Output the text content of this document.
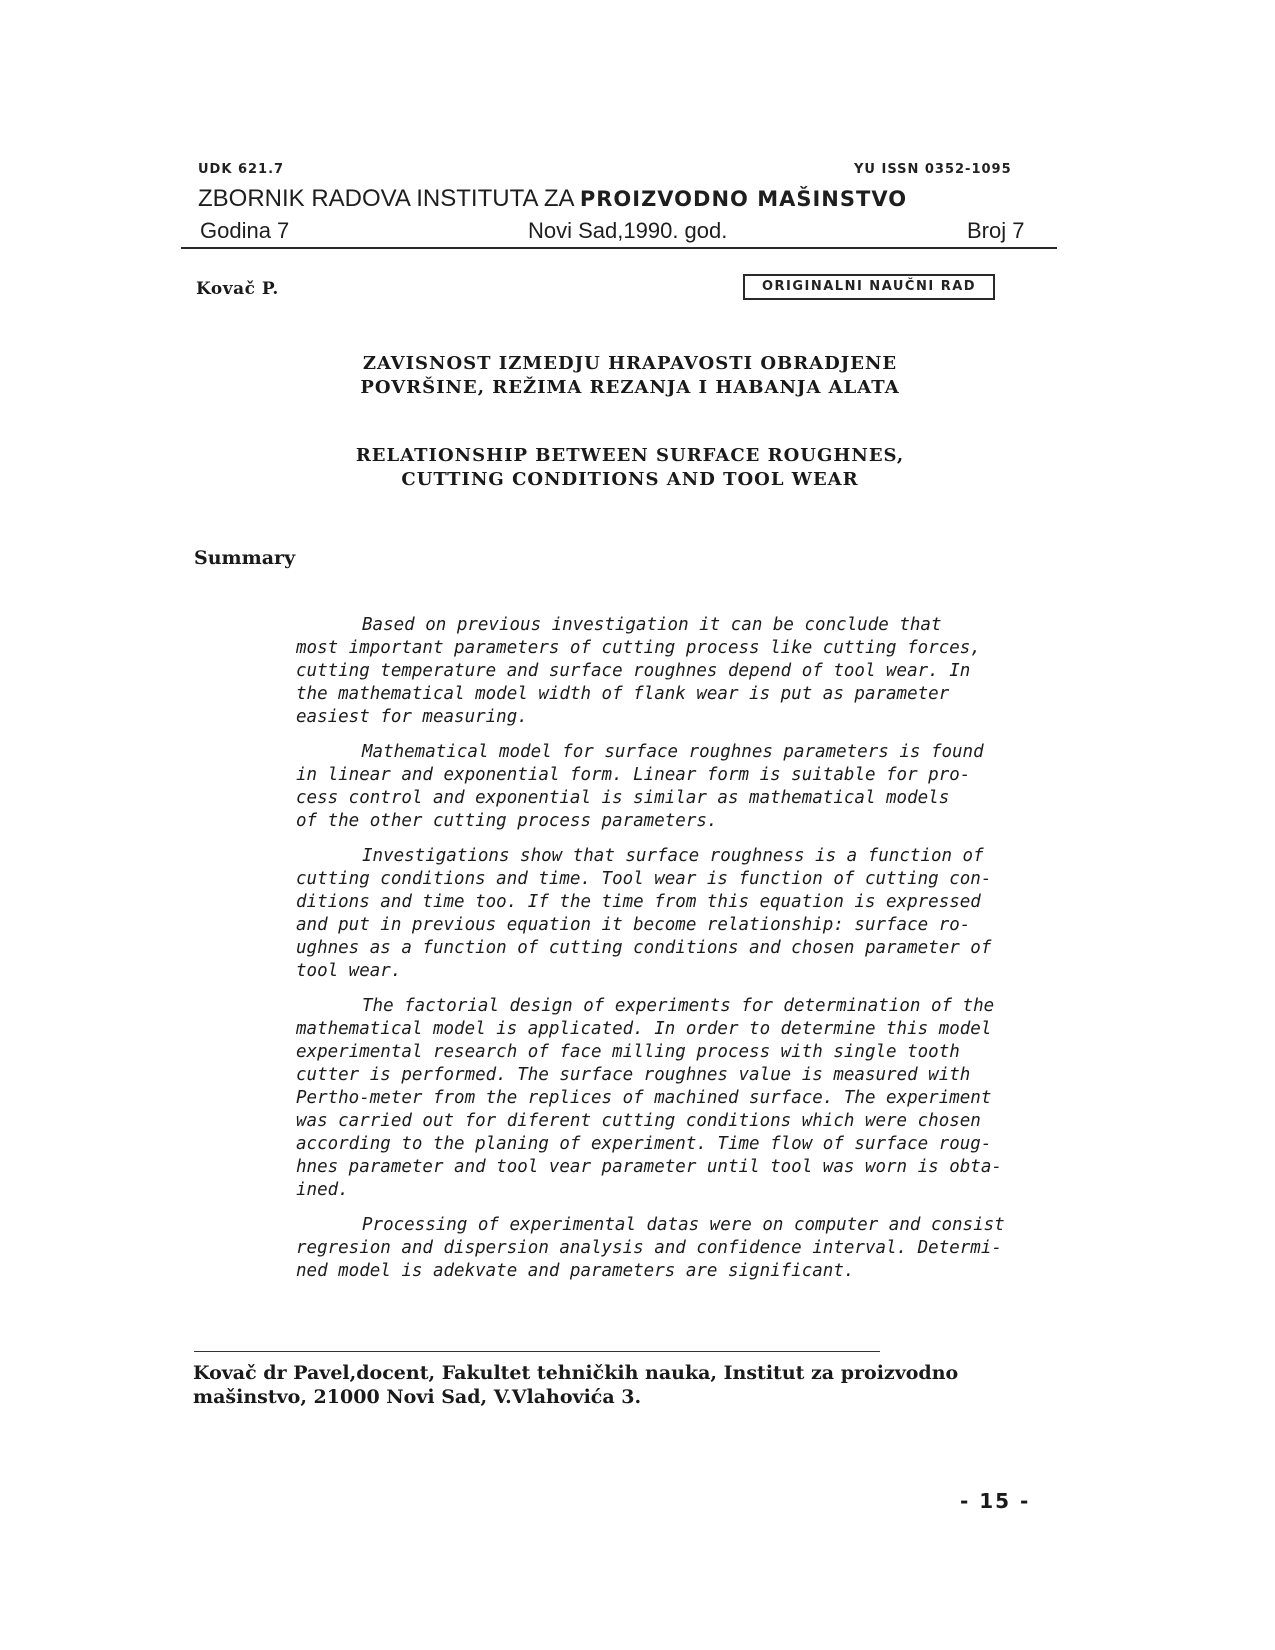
UDK 621.7	YU ISSN 0352-1095
ZBORNIK RADOVA INSTITUTA ZA PROIZVODNO MAŠINSTVO
Godina 7	Novi Sad,1990. god.	Broj 7
Kovač P.	ORIGINALNI NAUČNI RAD
ZAVISNOST IZMEDJU HRAPAVOSTI OBRADJENE
POVRŠINE, REŽIMA REZANJA I HABANJA ALATA
RELATIONSHIP BETWEEN SURFACE ROUGHNES,
CUTTING CONDITIONS AND TOOL WEAR
Summary

Based on previous investigation it can be conclude that
most important parameters of cutting process like cutting forces,
cutting temperature and surface roughnes depend of tool wear. In
the mathematical model width of flank wear is put as parameter
easiest for measuring.

Mathematical model for surface roughnes parameters is found
in linear and exponential form. Linear form is suitable for pro-
cess control and exponential is similar as mathematical models
of the other cutting process parameters.

Investigations show that surface roughness is a function of
cutting conditions and time. Tool wear is function of cutting con-
ditions and time too. If the time from this equation is expressed
and put in previous equation it become relationship: surface ro-
ughnes as a function of cutting conditions and chosen parameter of
tool wear.

The factorial design of experiments for determination of the
mathematical model is applicated. In order to determine this model
experimental research of face milling process with single tooth
cutter is performed. The surface roughnes value is measured with
Pertho-meter from the replices of machined surface. The experiment
was carried out for diferent cutting conditions which were chosen
according to the planing of experiment. Time flow of surface roug-
hnes parameter and tool vear parameter until tool was worn is obta-
ined.

Processing of experimental datas were on computer and consist
regresion and dispersion analysis and confidence interval. Determi-
ned model is adekvate and parameters are significant.

Kovač dr Pavel,docent, Fakultet tehničkih nauka, Institut za proizvodno
mašinstvo, 21000 Novi Sad, V.Vlahovića 3.
- 15 -
